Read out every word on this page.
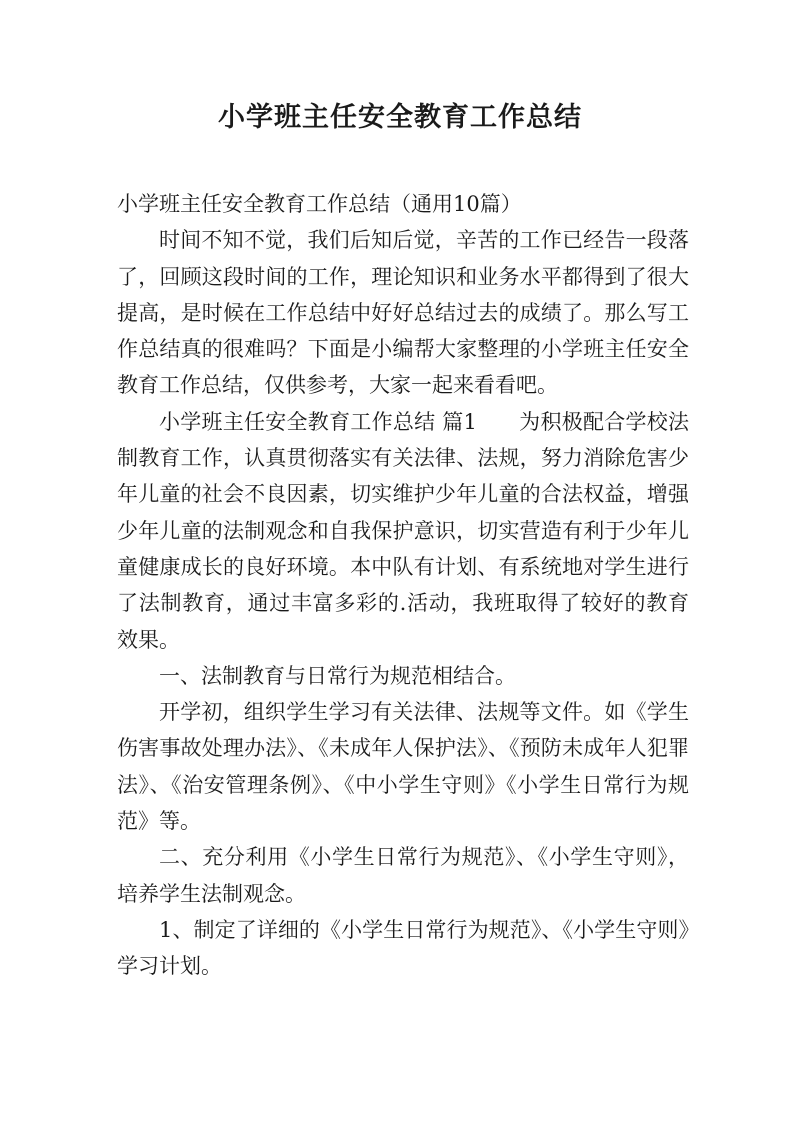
小学班主任安全教育工作总结

小学班主任安全教育工作总结（通用10篇）

时间不知不觉，我们后知后觉，辛苦的工作已经告一段落了，回顾这段时间的工作，理论知识和业务水平都得到了很大提高，是时候在工作总结中好好总结过去的成绩了。那么写工作总结真的很难吗？下面是小编帮大家整理的小学班主任安全教育工作总结，仅供参考，大家一起来看看吧。

小学班主任安全教育工作总结 篇1 为积极配合学校法制教育工作，认真贯彻落实有关法律、法规，努力消除危害少年儿童的社会不良因素，切实维护少年儿童的合法权益，增强少年儿童的法制观念和自我保护意识，切实营造有利于少年儿童健康成长的良好环境。本中队有计划、有系统地对学生进行了法制教育，通过丰富多彩的.活动，我班取得了较好的教育效果。

一、法制教育与日常行为规范相结合。

开学初，组织学生学习有关法律、法规等文件。如《学生伤害事故处理办法》、《未成年人保护法》、《预防未成年人犯罪法》、《治安管理条例》、《中小学生守则》《小学生日常行为规范》等。

二、充分利用《小学生日常行为规范》、《小学生守则》，培养学生法制观念。

1、制定了详细的《小学生日常行为规范》、《小学生守则》学习计划。
